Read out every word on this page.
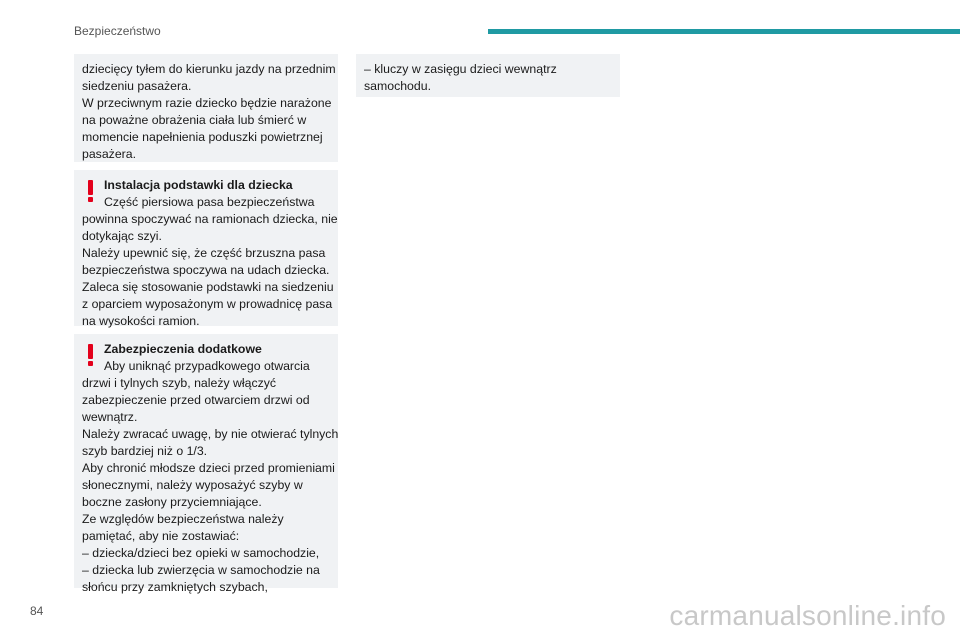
Bezpieczeństwo
dziecięcy tyłem do kierunku jazdy na przednim
siedzeniu pasażera.
W przeciwnym razie dziecko będzie narażone
na poważne obrażenia ciała lub śmierć w
momencie napełnienia poduszki powietrznej
pasażera.
Instalacja podstawki dla dziecka
Część piersiowa pasa bezpieczeństwa
powinna spoczywać na ramionach dziecka, nie
dotykając szyi.
Należy upewnić się, że część brzuszna pasa
bezpieczeństwa spoczywa na udach dziecka.
Zaleca się stosowanie podstawki na siedzeniu
z oparciem wyposażonym w prowadnicę pasa
na wysokości ramion.
Zabezpieczenia dodatkowe
Aby uniknąć przypadkowego otwarcia
drzwi i tylnych szyb, należy włączyć
zabezpieczenie przed otwarciem drzwi od
wewnątrz.
Należy zwracać uwagę, by nie otwierać tylnych
szyb bardziej niż o 1/3.
Aby chronić młodsze dzieci przed promieniami
słonecznymi, należy wyposażyć szyby w
boczne zasłony przyciemniające.
Ze względów bezpieczeństwa należy
pamiętać, aby nie zostawiać:
– dziecka/dzieci bez opieki w samochodzie,
– dziecka lub zwierzęcia w samochodzie na
słońcu przy zamkniętych szybach,
– kluczy w zasięgu dzieci wewnątrz
samochodu.
84	carmanualsonline.info
